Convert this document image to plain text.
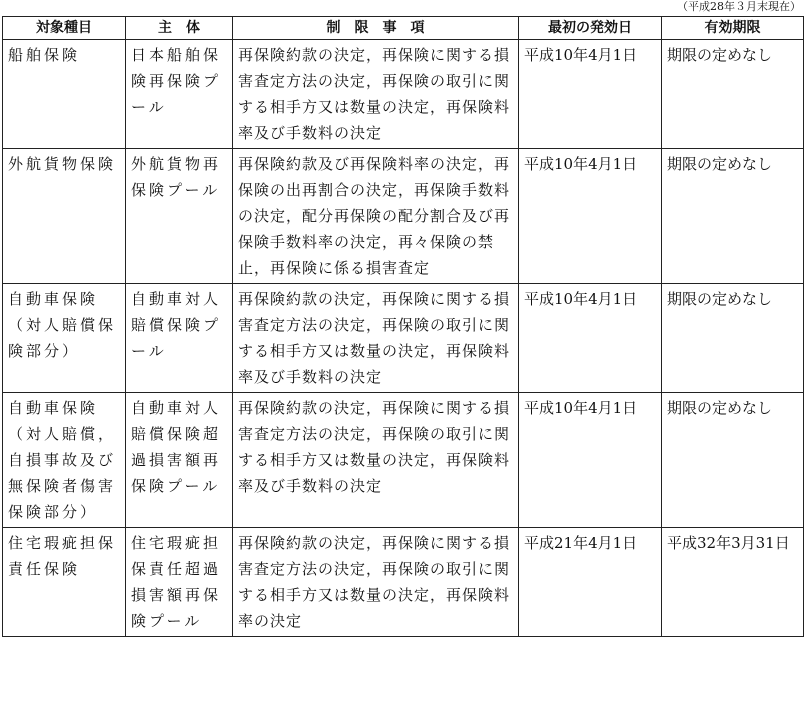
（平成28年３月末現在）
対象種目	主　体	制　限　事　項	最初の発効日	有効期限
船舶保険	日本船舶保険再保険プール	再保険約款の決定，再保険に関する損害査定方法の決定，再保険の取引に関する相手方又は数量の決定，再保険料率及び手数料の決定	平成10年4月1日	期限の定めなし
外航貨物保険	外航貨物再保険プール	再保険約款及び再保険料率の決定，再保険の出再割合の決定，再保険手数料の決定，配分再保険の配分割合及び再保険手数料率の決定，再々保険の禁止，再保険に係る損害査定	平成10年4月1日	期限の定めなし
自動車保険（対人賠償保険部分）	自動車対人賠償保険プール	再保険約款の決定，再保険に関する損害査定方法の決定，再保険の取引に関する相手方又は数量の決定，再保険料率及び手数料の決定	平成10年4月1日	期限の定めなし
自動車保険（対人賠償，自損事故及び無保険者傷害保険部分）	自動車対人賠償保険超過損害額再保険プール	再保険約款の決定，再保険に関する損害査定方法の決定，再保険の取引に関する相手方又は数量の決定，再保険料率及び手数料の決定	平成10年4月1日	期限の定めなし
住宅瑕疵担保責任保険	住宅瑕疵担保責任超過損害額再保険プール	再保険約款の決定，再保険に関する損害査定方法の決定，再保険の取引に関する相手方又は数量の決定，再保険料率の決定	平成21年4月1日	平成32年3月31日
